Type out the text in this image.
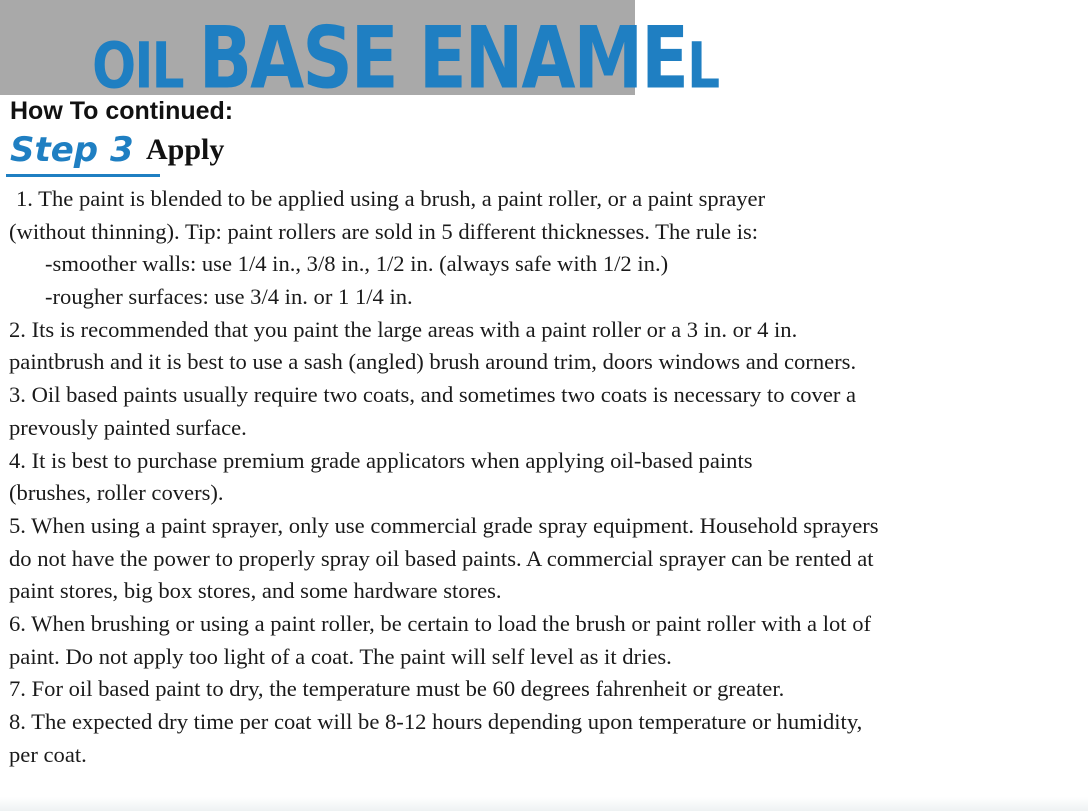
OIL BASE ENAMEL
How To continued:
Step 3 Apply
1. The paint is blended to be applied using a brush, a paint roller, or a paint sprayer
(without thinning). Tip: paint rollers are sold in 5 different thicknesses. The rule is:
-smoother walls: use 1/4 in., 3/8 in., 1/2 in. (always safe with 1/2 in.)
-rougher surfaces: use 3/4 in. or 1 1/4 in.
2. Its is recommended that you paint the large areas with a paint roller or a 3 in. or 4 in.
paintbrush and it is best to use a sash (angled) brush around trim, doors windows and corners.
3. Oil based paints usually require two coats, and sometimes two coats is necessary to cover a
prevously painted surface.
4. It is best to purchase premium grade applicators when applying oil-based paints
(brushes, roller covers).
5. When using a paint sprayer, only use commercial grade spray equipment. Household sprayers
do not have the power to properly spray oil based paints. A commercial sprayer can be rented at
paint stores, big box stores, and some hardware stores.
6. When brushing or using a paint roller, be certain to load the brush or paint roller with a lot of
paint. Do not apply too light of a coat. The paint will self level as it dries.
7. For oil based paint to dry, the temperature must be 60 degrees fahrenheit or greater.
8. The expected dry time per coat will be 8-12 hours depending upon temperature or humidity,
per coat.
